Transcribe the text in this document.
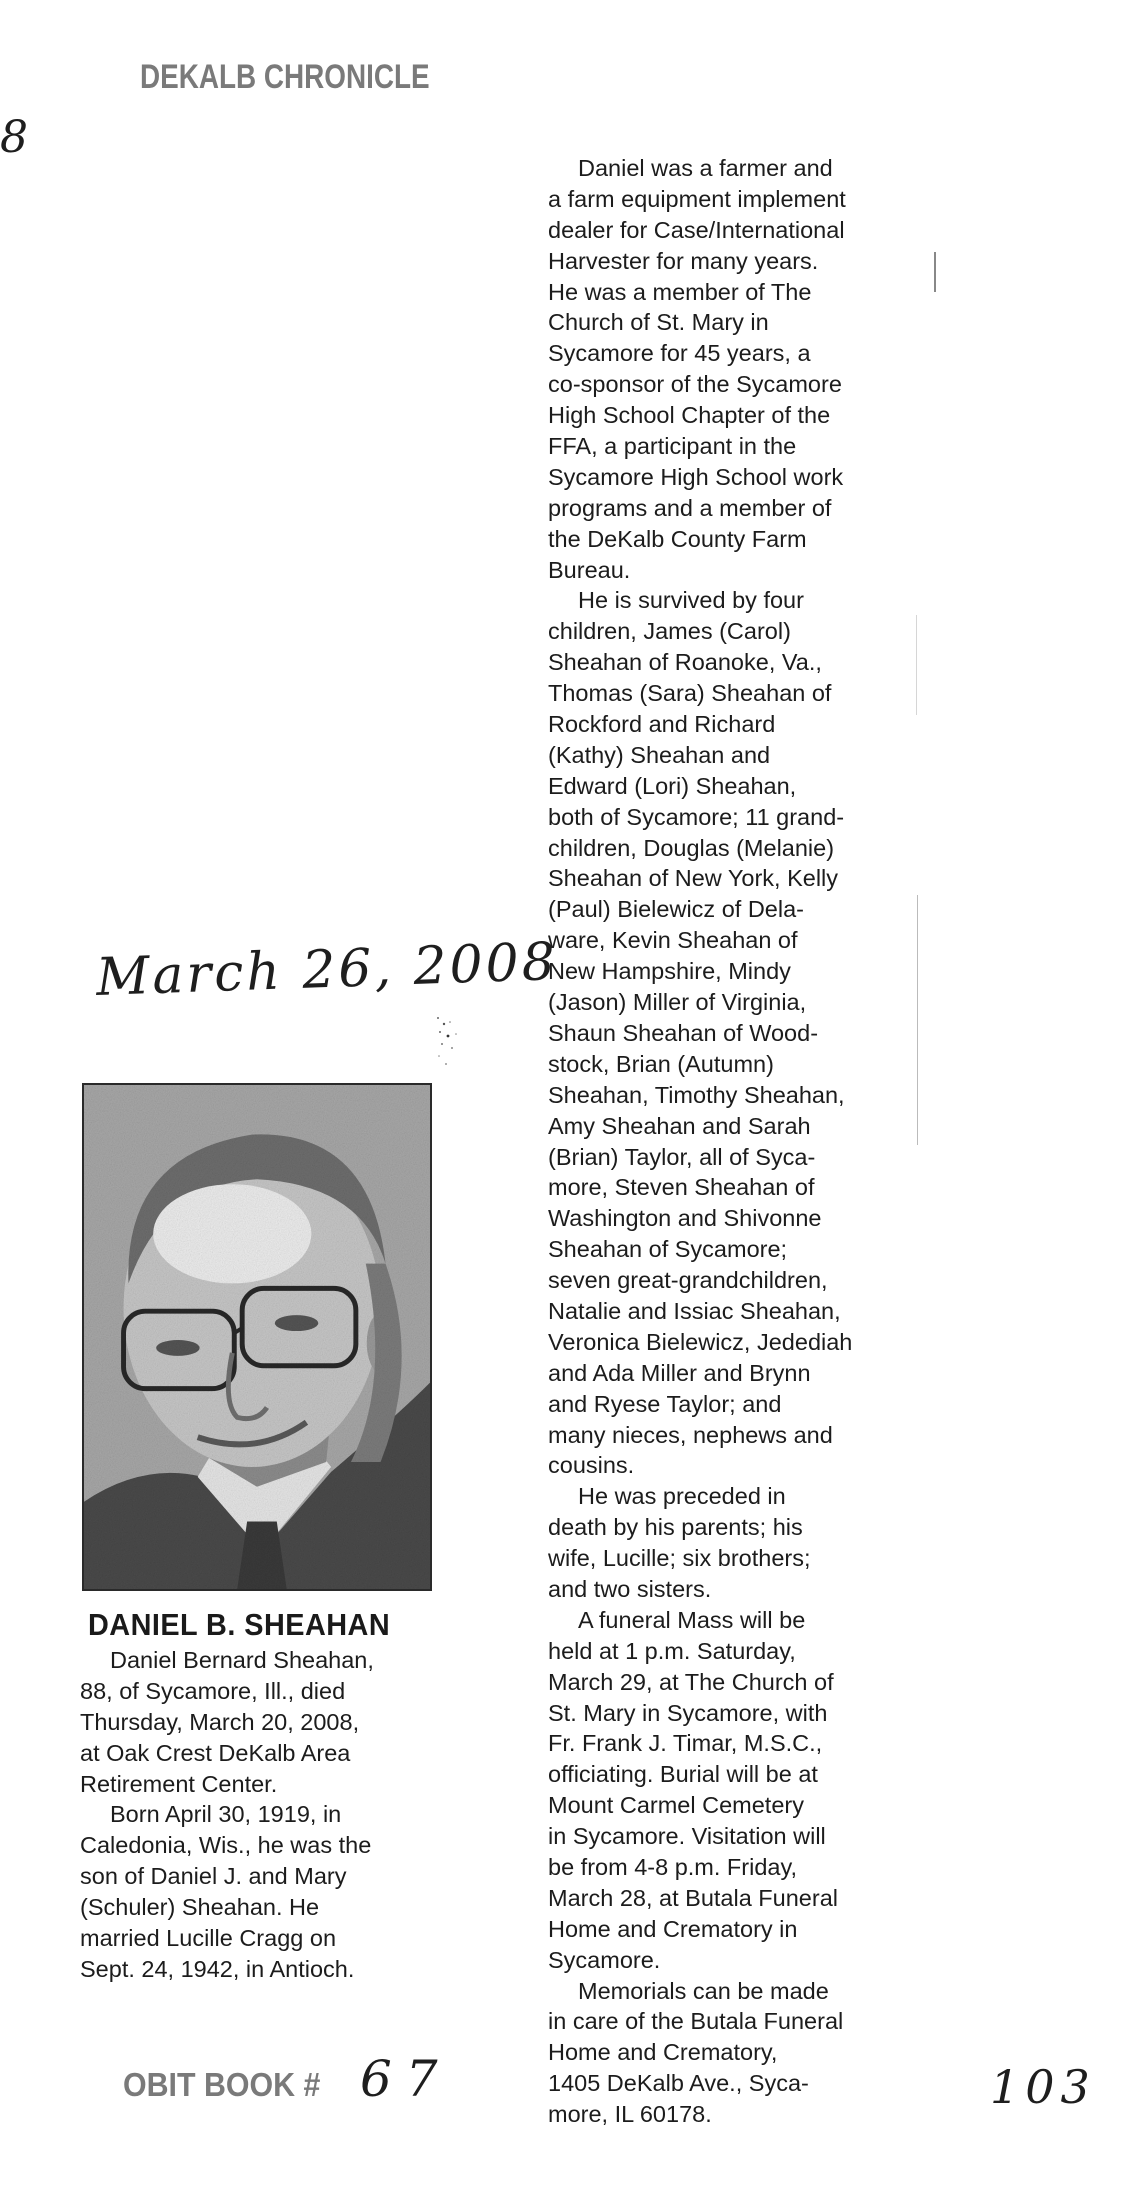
DEKALB CHRONICLE
8
Daniel was a farmer and
a farm equipment implement
dealer for Case/International
Harvester for many years.
He was a member of The
Church of St. Mary in
Sycamore for 45 years, a
co-sponsor of the Sycamore
High School Chapter of the
FFA, a participant in the
Sycamore High School work
programs and a member of
the DeKalb County Farm
Bureau.
He is survived by four
children, James (Carol)
Sheahan of Roanoke, Va.,
Thomas (Sara) Sheahan of
Rockford and Richard
(Kathy) Sheahan and
Edward (Lori) Sheahan,
both of Sycamore; 11 grand-
children, Douglas (Melanie)
Sheahan of New York, Kelly
(Paul) Bielewicz of Dela-
ware, Kevin Sheahan of
New Hampshire, Mindy
(Jason) Miller of Virginia,
Shaun Sheahan of Wood-
stock, Brian (Autumn)
Sheahan, Timothy Sheahan,
Amy Sheahan and Sarah
(Brian) Taylor, all of Syca-
more, Steven Sheahan of
Washington and Shivonne
Sheahan of Sycamore;
seven great-grandchildren,
Natalie and Issiac Sheahan,
Veronica Bielewicz, Jedediah
and Ada Miller and Brynn
and Ryese Taylor; and
many nieces, nephews and
cousins.
He was preceded in
death by his parents; his
wife, Lucille; six brothers;
and two sisters.
A funeral Mass will be
held at 1 p.m. Saturday,
March 29, at The Church of
St. Mary in Sycamore, with
Fr. Frank J. Timar, M.S.C.,
officiating. Burial will be at
Mount Carmel Cemetery
in Sycamore. Visitation will
be from 4-8 p.m. Friday,
March 28, at Butala Funeral
Home and Crematory in
Sycamore.
Memorials can be made
in care of the Butala Funeral
Home and Crematory,
1405 DeKalb Ave., Syca-
more, IL 60178.
March 26, 2008
DANIEL B. SHEAHAN
Daniel Bernard Sheahan,
88, of Sycamore, Ill., died
Thursday, March 20, 2008,
at Oak Crest DeKalb Area
Retirement Center.
Born April 30, 1919, in
Caledonia, Wis., he was the
son of Daniel J. and Mary
(Schuler) Sheahan. He
married Lucille Cragg on
Sept. 24, 1942, in Antioch.
OBIT BOOK # 67	103
